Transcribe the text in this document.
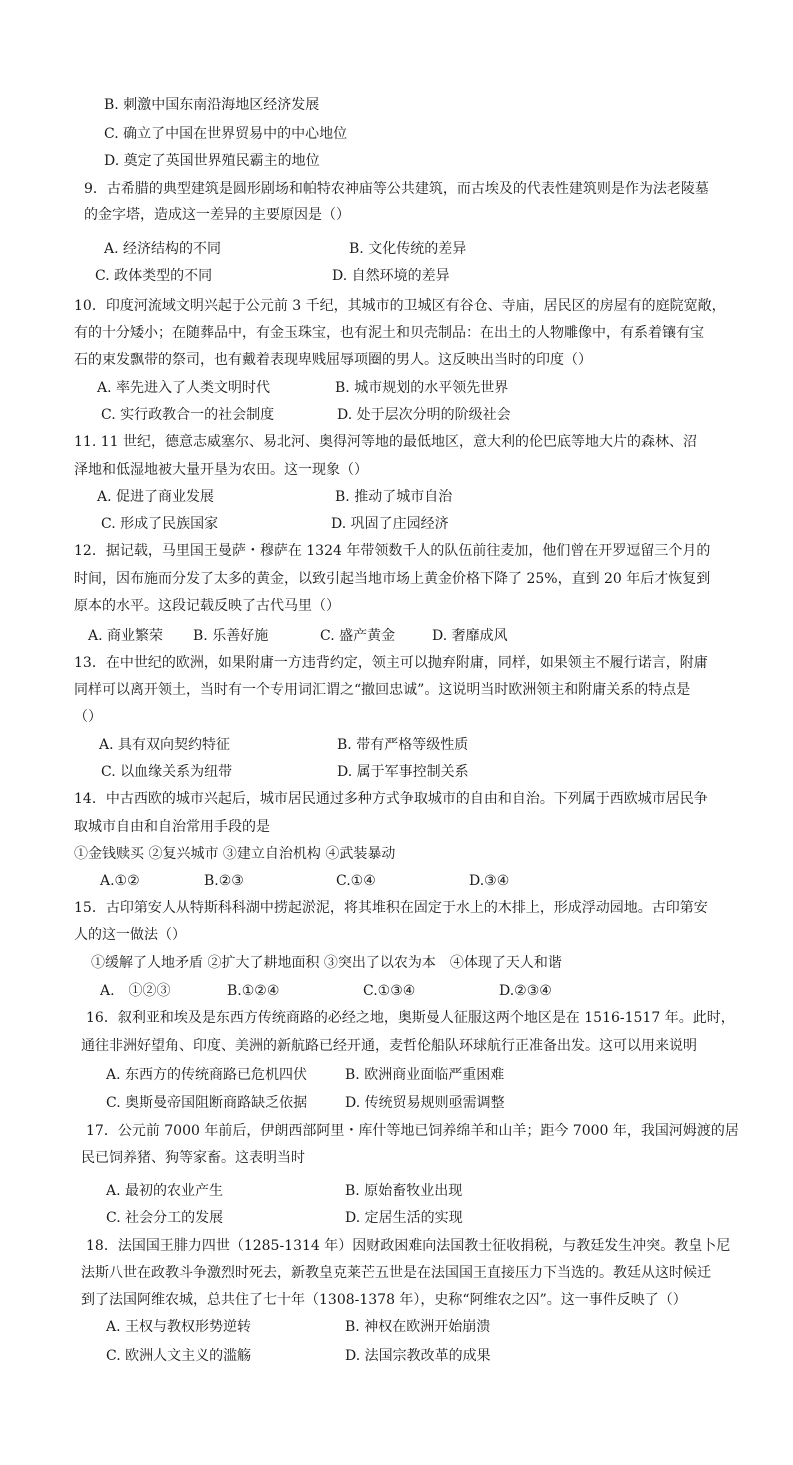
B. 刺激中国东南沿海地区经济发展
C. 确立了中国在世界贸易中的中心地位
D. 奠定了英国世界殖民霸主的地位
9．古希腊的典型建筑是圆形剧场和帕特农神庙等公共建筑，而古埃及的代表性建筑则是作为法老陵墓
的金字塔，造成这一差异的主要原因是（）
A. 经济结构的不同	B. 文化传统的差异
C. 政体类型的不同	D. 自然环境的差异
10．印度河流域文明兴起于公元前 3 千纪，其城市的卫城区有谷仓、寺庙，居民区的房屋有的庭院宽敞，
有的十分矮小；在随葬品中，有金玉珠宝，也有泥土和贝壳制品：在出土的人物雕像中，有系着镶有宝
石的束发飘带的祭司，也有戴着表现卑贱屈辱项圈的男人。这反映出当时的印度（）
A. 率先进入了人类文明时代	B. 城市规划的水平领先世界
C. 实行政教合一的社会制度	D. 处于层次分明的阶级社会
11. 11 世纪，德意志威塞尔、易北河、奥得河等地的最低地区，意大利的伦巴底等地大片的森林、沼
泽地和低湿地被大量开垦为农田。这一现象（）
A. 促进了商业发展	B. 推动了城市自治
C. 形成了民族国家	D. 巩固了庄园经济
12．据记载，马里国王曼萨・穆萨在 1324 年带领数千人的队伍前往麦加，他们曾在开罗逗留三个月的
时间，因布施而分发了太多的黄金，以致引起当地市场上黄金价格下降了 25%，直到 20 年后才恢复到
原本的水平。这段记载反映了古代马里（）
A. 商业繁荣 B. 乐善好施	C. 盛产黄金	D. 奢靡成风
13．在中世纪的欧洲，如果附庸一方违背约定，领主可以抛弃附庸，同样，如果领主不履行诺言，附庸
同样可以离开领土，当时有一个专用词汇谓之“撤回忠诚”。这说明当时欧洲领主和附庸关系的特点是
（）
A. 具有双向契约特征	B. 带有严格等级性质
C. 以血缘关系为纽带	D. 属于军事控制关系
14．中古西欧的城市兴起后，城市居民通过多种方式争取城市的自由和自治。下列属于西欧城市居民争
取城市自由和自治常用手段的是
①金钱赎买 ②复兴城市 ③建立自治机构 ④武装暴动
A.①②	B.②③	C.①④	D.③④
15．古印第安人从特斯科科湖中捞起淤泥，将其堆积在固定于水上的木排上，形成浮动园地。古印第安
人的这一做法（）
①缓解了人地矛盾 ②扩大了耕地面积 ③突出了以农为本　④体现了天人和谐
A.　①②③	B.①②④	C.①③④	D.②③④
16．叙利亚和埃及是东西方传统商路的必经之地，奥斯曼人征服这两个地区是在 1516-1517 年。此时，
通往非洲好望角、印度、美洲的新航路已经开通，麦哲伦船队环球航行正准备出发。这可以用来说明
A. 东西方的传统商路已危机四伏	B. 欧洲商业面临严重困难
C. 奥斯曼帝国阻断商路缺乏依据	D. 传统贸易规则亟需调整
17．公元前 7000 年前后，伊朗西部阿里・库什等地已饲养绵羊和山羊；距今 7000 年，我国河姆渡的居
民已饲养猪、狗等家畜。这表明当时
A. 最初的农业产生	B. 原始畜牧业出现
C. 社会分工的发展	D. 定居生活的实现
18．法国国王腓力四世（1285-1314 年）因财政困难向法国教士征收捐税，与教廷发生冲突。教皇卜尼
法斯八世在政教斗争激烈时死去，新教皇克莱芒五世是在法国国王直接压力下当选的。教廷从这时候迁
到了法国阿维农城，总共住了七十年（1308-1378 年），史称“阿维农之囚”。这一事件反映了（）
A. 王权与教权形势逆转	B. 神权在欧洲开始崩溃
C. 欧洲人文主义的滥觞	D. 法国宗教改革的成果
